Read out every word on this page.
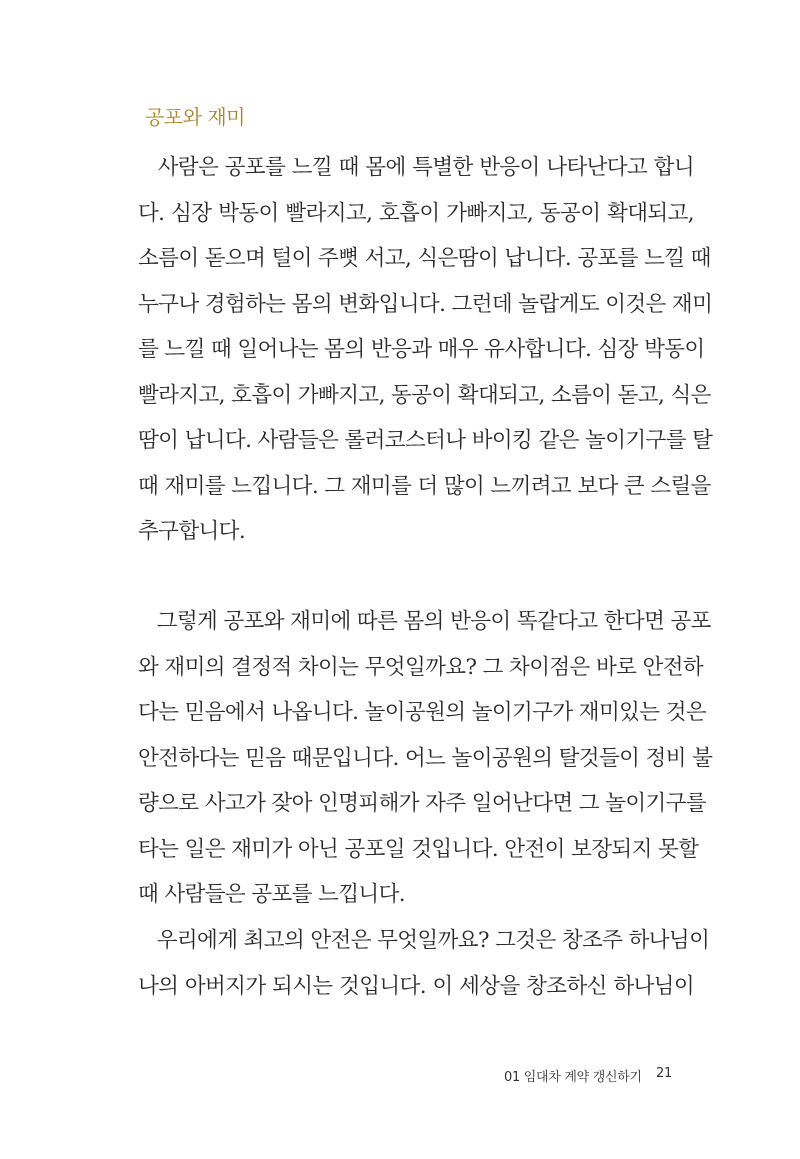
공포와 재미
사람은 공포를 느낄 때 몸에 특별한 반응이 나타난다고 합니
다. 심장 박동이 빨라지고, 호흡이 가빠지고, 동공이 확대되고,
소름이 돋으며 털이 주뼛 서고, 식은땀이 납니다. 공포를 느낄 때
누구나 경험하는 몸의 변화입니다. 그런데 놀랍게도 이것은 재미
를 느낄 때 일어나는 몸의 반응과 매우 유사합니다. 심장 박동이
빨라지고, 호흡이 가빠지고, 동공이 확대되고, 소름이 돋고, 식은
땀이 납니다. 사람들은 롤러코스터나 바이킹 같은 놀이기구를 탈
때 재미를 느낍니다. 그 재미를 더 많이 느끼려고 보다 큰 스릴을
추구합니다.
그렇게 공포와 재미에 따른 몸의 반응이 똑같다고 한다면 공포
와 재미의 결정적 차이는 무엇일까요? 그 차이점은 바로 안전하
다는 믿음에서 나옵니다. 놀이공원의 놀이기구가 재미있는 것은
안전하다는 믿음 때문입니다. 어느 놀이공원의 탈것들이 정비 불
량으로 사고가 잦아 인명피해가 자주 일어난다면 그 놀이기구를
타는 일은 재미가 아닌 공포일 것입니다. 안전이 보장되지 못할
때 사람들은 공포를 느낍니다.
우리에게 최고의 안전은 무엇일까요? 그것은 창조주 하나님이
나의 아버지가 되시는 것입니다. 이 세상을 창조하신 하나님이
01 임대차 계약 갱신하기 21
